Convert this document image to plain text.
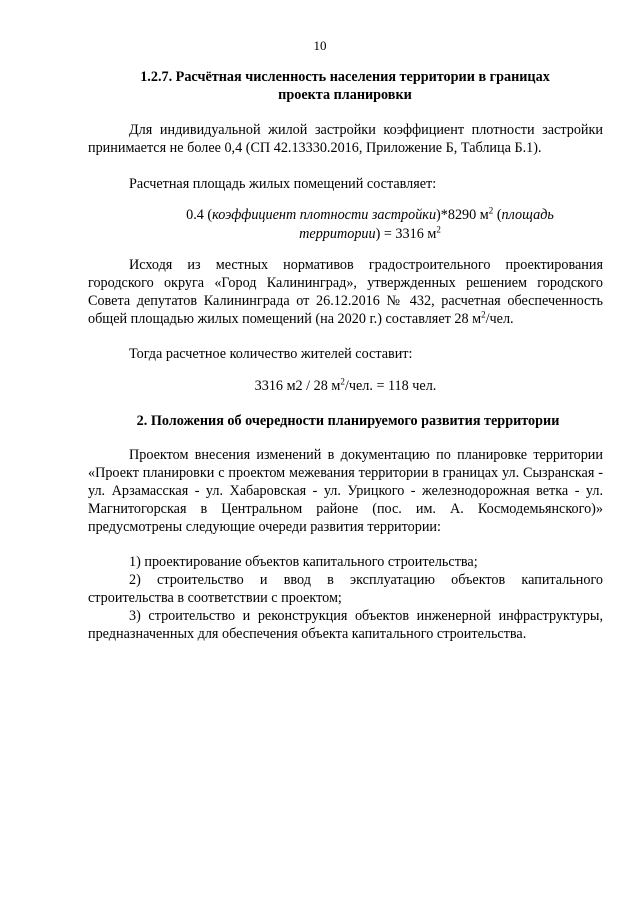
10
1.2.7. Расчётная численность населения территории в границах
проекта планировки
Для индивидуальной жилой застройки коэффициент плотности застройки принимается не более 0,4 (СП 42.13330.2016, Приложение Б, Таблица Б.1).
Расчетная площадь жилых помещений составляет:
0.4 (коэффициент плотности застройки)*8290 $м^2$ (площадь территории) = 3316 $м^2$
Исходя из местных нормативов градостроительного проектирования городского округа «Город Калининград», утвержденных решением городского Совета депутатов Калининграда от 26.12.2016 № 432, расчетная обеспеченность общей площадью жилых помещений (на 2020 г.) составляет 28 $м^2$/чел.
Тогда расчетное количество жителей составит:
3316 м2 / 28 $м^2$/чел. = 118 чел.
2. Положения об очередности планируемого развития территории
Проектом внесения изменений в документацию по планировке территории «Проект планировки с проектом межевания территории в границах ул. Сызранская - ул. Арзамасская - ул. Хабаровская - ул. Урицкого - железнодорожная ветка - ул. Магнитогорская в Центральном районе (пос. им. А. Космодемьянского)» предусмотрены следующие очереди развития территории:
1) проектирование объектов капитального строительства;
2) строительство и ввод в эксплуатацию объектов капитального строительства в соответствии с проектом;
3) строительство и реконструкция объектов инженерной инфраструктуры, предназначенных для обеспечения объекта капитального строительства.
